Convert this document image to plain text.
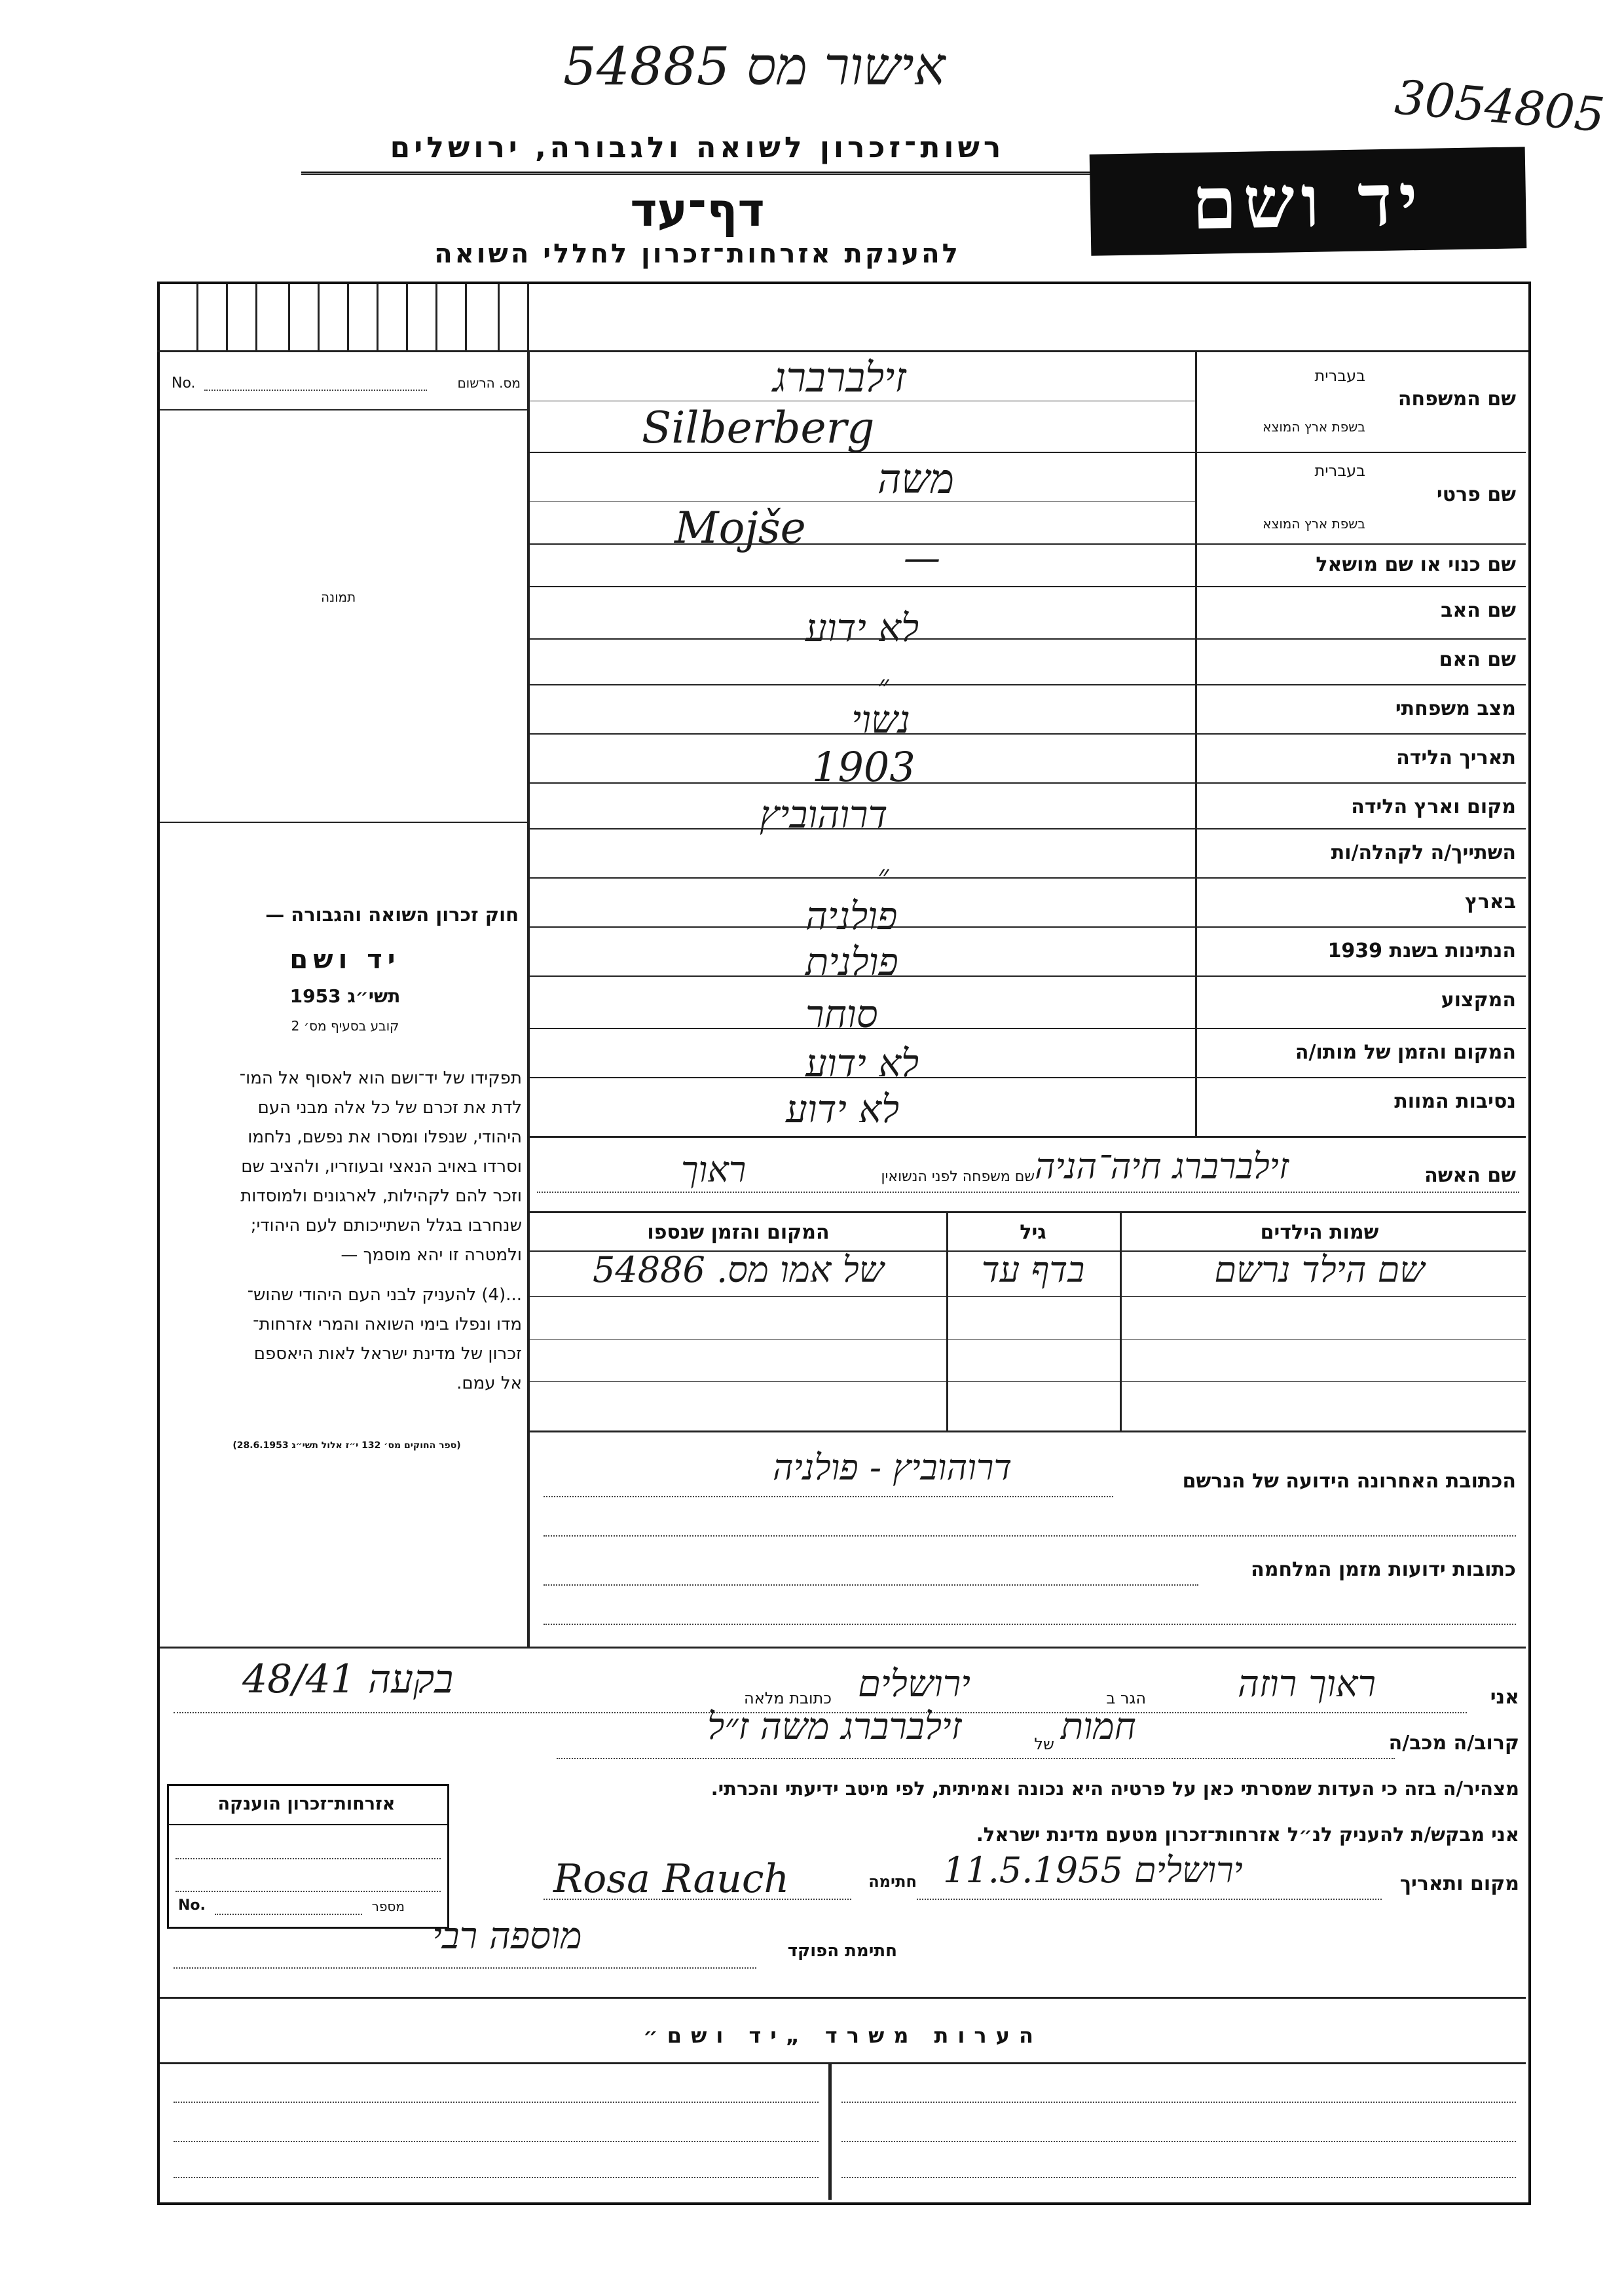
אישור מס 54885
3054805
רשות־זכרון לשואה ולגבורה, ירושלים
דף־עד
להענקת אזרחות־זכרון לחללי השואה
יד ושם
No.	מס. הרשום
תמונה
חוק זכרון השואה והגבורה —
יד ושם
תשי״ג 1953
קובע בסעיף מס׳ 2
תפקידו של יד־ושם הוא לאסוף אל המו־
לדת את זכרם של כל אלה מבני העם
היהודי, שנפלו ומסרו את נפשם, נלחמו
וסרדו באויב הנאצי ובעוזריו, ולהציב שם
וזכר להם לקהילות, לארגונים ולמוסדות
שנחרבו בגלל השתייכותם לעם היהודי;
ולמטרה זו יהא מוסמך —
...(4) להעניק לבני העם היהודי שהוש־
מדו ונפלו בימי השואה והמרי אזרחות־
זכרון של מדינת ישראל לאות היאספם
אל עמם.
(ספר החוקים מס׳ 132 י״ז אלול תשי״ג 28.6.1953)
שם המשפחה
בעברית
בשפת ארץ המוצא
זילברברג
Silberberg
שם פרטי
בעברית
בשפת ארץ המוצא
משה
Mojše
שם כנוי או שם מושאל
—
שם האב
לא ידוע
שם האם
״
מצב משפחתי
נשוי
תאריך הלידה
1903
מקום וארץ הלידה
דרוהוביץ
השתייך/ה לקהלה/ות
״
בארץ
פולניה
הנתינות בשנת 1939
פולנית
המקצוע
סוחר
המקום והזמן של מותו/ה
לא ידוע
נסיבות המוות
לא ידוע
שם האשה
זילברברג חיה־הניה
שם משפחה לפני הנשואין
ראוך
שמות הילדים
גיל
המקום והזמן שנספו
שם הילד נרשם
בדף עד
של אמו מס. 54886
הכתובת האחרונה הידועה של הנרשם
דרוהוביץ - פולניה
כתובות ידועות מזמן המלחמה
אני
ראוך רוזה
הגר ב
ירושלים
כתובת מלאה
בקעה 48/41
קרוב/ה מכב/ה
חמות
של
זילברברג משה ז״ל
מצהיר/ה בזה כי העדות שמסרתי כאן על פרטיה היא נכונה ואמיתית, לפי מיטב ידיעתי והכרתי.
אני מבקש/ת להעניק לנ״ל אזרחות־זכרון מטעם מדינת ישראל.
מקום ותאריך
ירושלים 11.5.1955
חתימה
Rosa Rauch
חתימת הפוקד
מוספה רבי
אזרחות־זכרון הוענקה
No.	מספר
הערות משרד „יד ושם״
